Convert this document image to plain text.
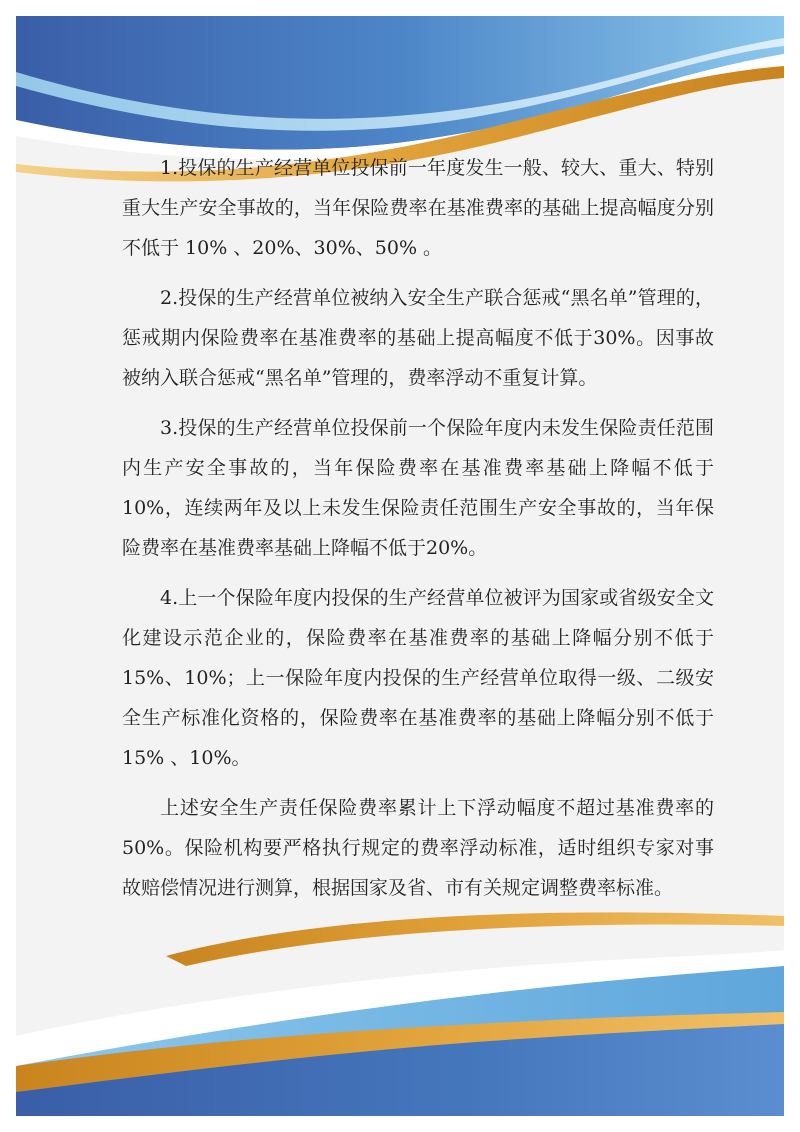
1.投保的生产经营单位投保前一年度发生一般、较大、重大、特别重大生产安全事故的，当年保险费率在基准费率的基础上提高幅度分别不低于 10% 、20%、30%、50% 。

2.投保的生产经营单位被纳入安全生产联合惩戒“黑名单”管理的，惩戒期内保险费率在基准费率的基础上提高幅度不低于30%。因事故被纳入联合惩戒“黑名单”管理的，费率浮动不重复计算。

3.投保的生产经营单位投保前一个保险年度内未发生保险责任范围内生产安全事故的，当年保险费率在基准费率基础上降幅不低于10%，连续两年及以上未发生保险责任范围生产安全事故的，当年保险费率在基准费率基础上降幅不低于20%。

4.上一个保险年度内投保的生产经营单位被评为国家或省级安全文化建设示范企业的，保险费率在基准费率的基础上降幅分别不低于15%、10%；上一保险年度内投保的生产经营单位取得一级、二级安全生产标准化资格的，保险费率在基准费率的基础上降幅分别不低于15% 、10%。

上述安全生产责任保险费率累计上下浮动幅度不超过基准费率的50%。保险机构要严格执行规定的费率浮动标准，适时组织专家对事故赔偿情况进行测算，根据国家及省、市有关规定调整费率标准。
